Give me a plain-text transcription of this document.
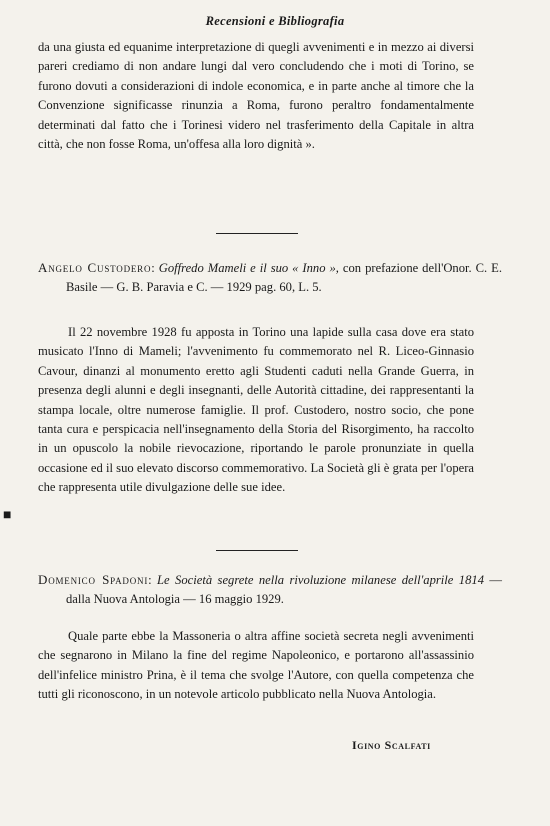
Recensioni e Bibliografia

da una giusta ed equanime interpretazione di quegli avvenimenti e in mezzo ai diversi pareri crediamo di non andare lungi dal vero concludendo che i moti di Torino, se furono dovuti a considerazioni di indole economica, e in parte anche al timore che la Convenzione significasse rinunzia a Roma, furono peraltro fondamentalmente determinati dal fatto che i Torinesi videro nel trasferimento della Capitale in altra città, che non fosse Roma, un'offesa alla loro dignità ».

Angelo Custodero: Goffredo Mameli e il suo « Inno », con prefazione dell'Onor. C. E. Basile — G. B. Paravia e C. — 1929 pag. 60, L. 5.

Il 22 novembre 1928 fu apposta in Torino una lapide sulla casa dove era stato musicato l'Inno di Mameli; l'avvenimento fu commemorato nel R. Liceo-Ginnasio Cavour, dinanzi al monumento eretto agli Studenti caduti nella Grande Guerra, in presenza degli alunni e degli insegnanti, delle Autorità cittadine, dei rappresentanti la stampa locale, oltre numerose famiglie. Il prof. Custodero, nostro socio, che pone tanta cura e perspicacia nell'insegnamento della Storia del Risorgimento, ha raccolto in un opuscolo la nobile rievocazione, riportando le parole pronunziate in quella occasione ed il suo elevato discorso commemorativo. La Società gli è grata per l'opera che rappresenta utile divulgazione delle sue idee.

■

Domenico Spadoni: Le Società segrete nella rivoluzione milanese dell'aprile 1814 — dalla Nuova Antologia — 16 maggio 1929.

Quale parte ebbe la Massoneria o altra affine società secreta negli avvenimenti che segnarono in Milano la fine del regime Napoleonico, e portarono all'assassinio dell'infelice ministro Prina, è il tema che svolge l'Autore, con quella competenza che tutti gli riconoscono, in un notevole articolo pubblicato nella Nuova Antologia.

Igino Scalfati
